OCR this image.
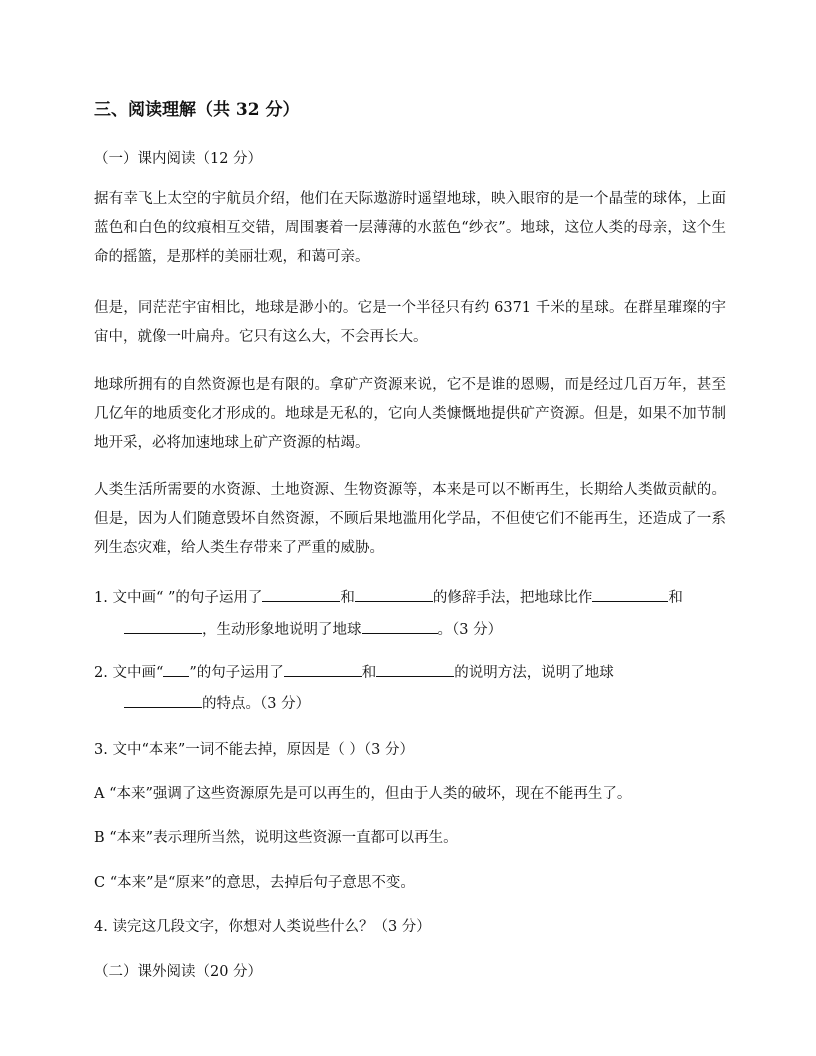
三、阅读理解（共 32 分）
（一）课内阅读（12 分）
据有幸飞上太空的宇航员介绍，他们在天际遨游时遥望地球，映入眼帘的是一个晶莹的球体，上面蓝色和白色的纹痕相互交错，周围裹着一层薄薄的水蓝色“纱衣”。地球，这位人类的母亲，这个生命的摇篮，是那样的美丽壮观，和蔼可亲。
但是，同茫茫宇宙相比，地球是渺小的。它是一个半径只有约 6371 千米的星球。在群星璀璨的宇宙中，就像一叶扁舟。它只有这么大，不会再长大。
地球所拥有的自然资源也是有限的。拿矿产资源来说，它不是谁的恩赐，而是经过几百万年，甚至几亿年的地质变化才形成的。地球是无私的，它向人类慷慨地提供矿产资源。但是，如果不加节制地开采，必将加速地球上矿产资源的枯竭。
人类生活所需要的水资源、土地资源、生物资源等，本来是可以不断再生，长期给人类做贡献的。但是，因为人们随意毁坏自然资源，不顾后果地滥用化学品，不但使它们不能再生，还造成了一系列生态灾难，给人类生存带来了严重的威胁。
1. 文中画“ ”的句子运用了	和	的修辞手法，把地球比作	和
，生动形象地说明了地球	。（3 分）
2. 文中画“ ”的句子运用了	和	的说明方法，说明了地球
的特点。（3 分）
3. 文中“本来”一词不能去掉，原因是（ ）（3 分）
A “本来”强调了这些资源原先是可以再生的，但由于人类的破坏，现在不能再生了。
B “本来”表示理所当然，说明这些资源一直都可以再生。
C “本来”是“原来”的意思，去掉后句子意思不变。
4. 读完这几段文字，你想对人类说些什么？（3 分）
（二）课外阅读（20 分）
